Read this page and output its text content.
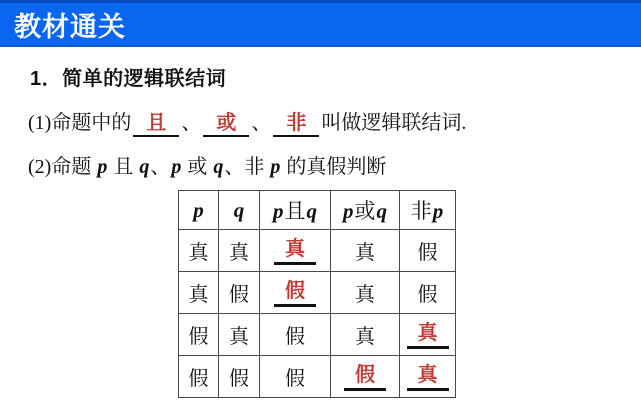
教材通关
1．简单的逻辑联结词
(1)命题中的 且 、 或 、 非 叫做逻辑联结词.
(2)命题 p 且 q、p 或 q、非 p 的真假判断
p	q	p且q	p或q	非p
真	真	真	真	假
真	假	假	真	假
假	真	假	真	真
假	假	假	假	真
